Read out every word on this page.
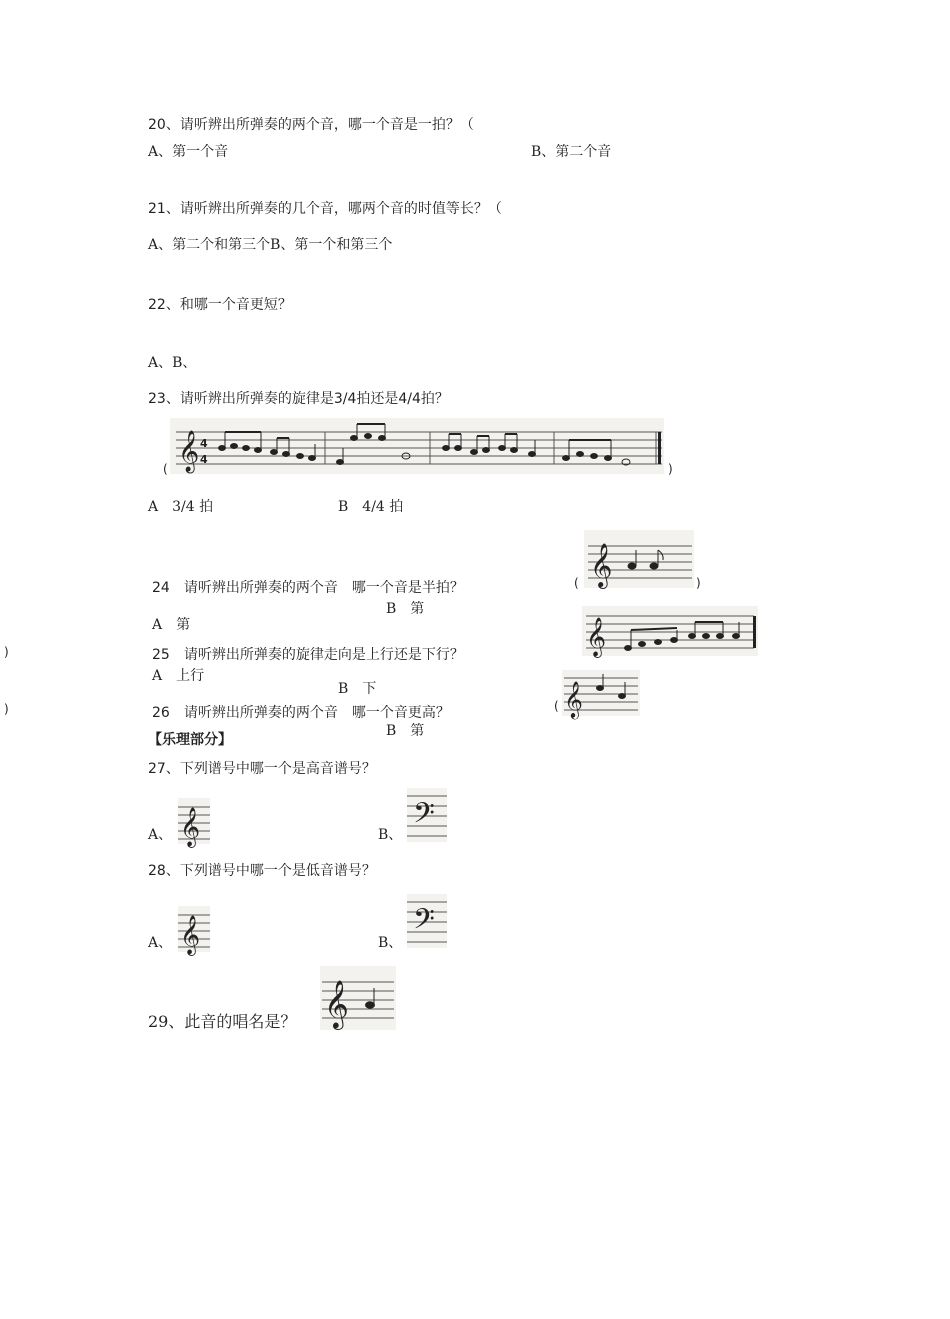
20、请听辨出所弹奏的两个音，哪一个音是一拍？（
A、第一个音	B、第二个音
21、请听辨出所弹奏的几个音，哪两个音的时值等长？（
A、第二个和第三个B、第一个和第三个
22、和哪一个音更短？
A、B、
23、请听辨出所弹奏的旋律是3/4拍还是4/4拍？
( 𝄞 4
4
)
A　3/4 拍	B　4/4 拍
𝄞
(	)
24　请听辨出所弹奏的两个音　哪一个音是半拍？
B　第
A　第	𝄞
)	25　请听辨出所弹奏的旋律走向是上行还是下行？
A　上行
B　下	𝄞
(
)	26　请听辨出所弹奏的两个音　哪一个音更高？
B　第
【乐理部分】
27、下列谱号中哪一个是高音谱号？
A、 𝄞	B、 𝄢
28、下列谱号中哪一个是低音谱号？
A、 𝄞	B、 𝄢
29、此音的唱名是？ 𝄞
